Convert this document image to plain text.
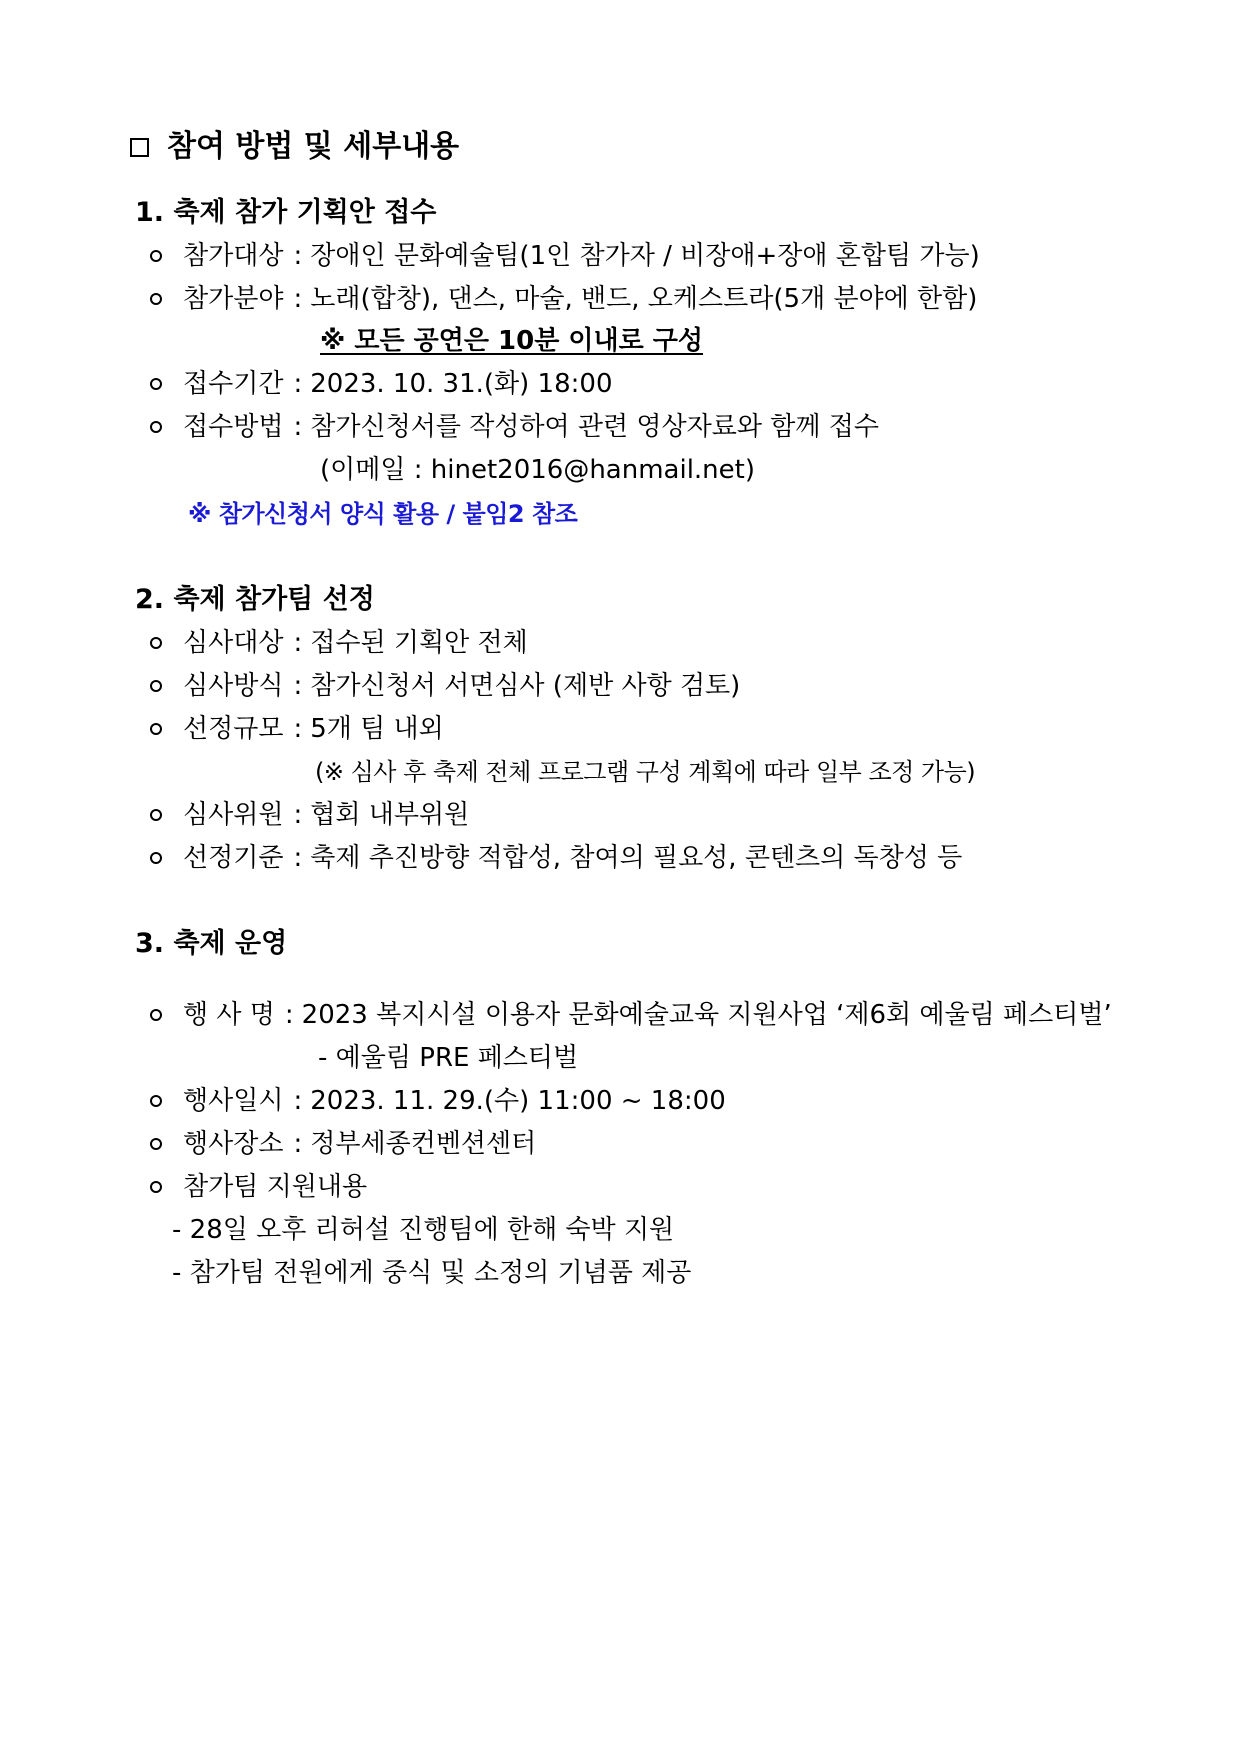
참여 방법 및 세부내용
1. 축제 참가 기획안 접수
참가대상 : 장애인 문화예술팀(1인 참가자 / 비장애+장애 혼합팀 가능)
참가분야 : 노래(합창), 댄스, 마술, 밴드, 오케스트라(5개 분야에 한함)
※ 모든 공연은 10분 이내로 구성
접수기간 : 2023. 10. 31.(화) 18:00
접수방법 : 참가신청서를 작성하여 관련 영상자료와 함께 접수
(이메일 : hinet2016@hanmail.net)
※ 참가신청서 양식 활용 / 붙임2 참조
2. 축제 참가팀 선정
심사대상 : 접수된 기획안 전체
심사방식 : 참가신청서 서면심사 (제반 사항 검토)
선정규모 : 5개 팀 내외
(※ 심사 후 축제 전체 프로그램 구성 계획에 따라 일부 조정 가능)
심사위원 : 협회 내부위원
선정기준 : 축제 추진방향 적합성, 참여의 필요성, 콘텐츠의 독창성 등
3. 축제 운영
행 사 명 : 2023 복지시설 이용자 문화예술교육 지원사업 ‘제6회 예울림 페스티벌’
- 예울림 PRE 페스티벌
행사일시 : 2023. 11. 29.(수) 11:00 ~ 18:00
행사장소 : 정부세종컨벤션센터
참가팀 지원내용
- 28일 오후 리허설 진행팀에 한해 숙박 지원
- 참가팀 전원에게 중식 및 소정의 기념품 제공
